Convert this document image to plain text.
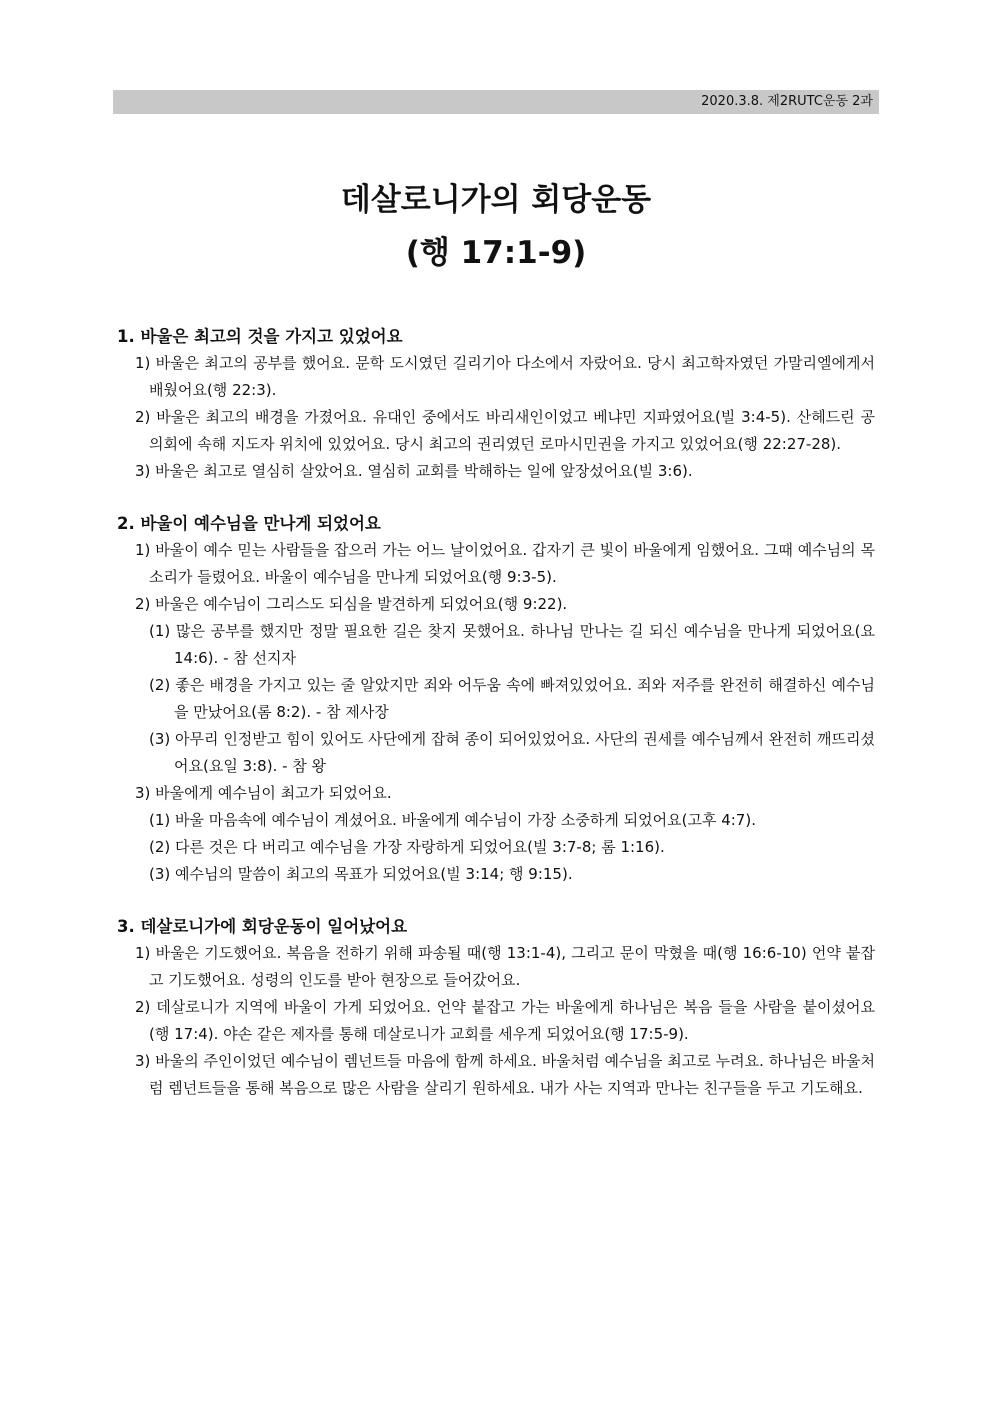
2020.3.8. 제2RUTC운동 2과
데살로니가의 회당운동
(행 17:1-9)
1. 바울은 최고의 것을 가지고 있었어요
1) 바울은 최고의 공부를 했어요. 문학 도시였던 길리기아 다소에서 자랐어요. 당시 최고학자였던 가말리엘에게서 배웠어요(행 22:3).
2) 바울은 최고의 배경을 가졌어요. 유대인 중에서도 바리새인이었고 베냐민 지파였어요(빌 3:4-5). 산헤드린 공의회에 속해 지도자 위치에 있었어요. 당시 최고의 권리였던 로마시민권을 가지고 있었어요(행 22:27-28).
3) 바울은 최고로 열심히 살았어요. 열심히 교회를 박해하는 일에 앞장섰어요(빌 3:6).
2. 바울이 예수님을 만나게 되었어요
1) 바울이 예수 믿는 사람들을 잡으러 가는 어느 날이었어요. 갑자기 큰 빛이 바울에게 임했어요. 그때 예수님의 목소리가 들렸어요. 바울이 예수님을 만나게 되었어요(행 9:3-5).
2) 바울은 예수님이 그리스도 되심을 발견하게 되었어요(행 9:22).
(1) 많은 공부를 했지만 정말 필요한 길은 찾지 못했어요. 하나님 만나는 길 되신 예수님을 만나게 되었어요(요 14:6). - 참 선지자
(2) 좋은 배경을 가지고 있는 줄 알았지만 죄와 어두움 속에 빠져있었어요. 죄와 저주를 완전히 해결하신 예수님을 만났어요(롬 8:2). - 참 제사장
(3) 아무리 인정받고 힘이 있어도 사단에게 잡혀 종이 되어있었어요. 사단의 권세를 예수님께서 완전히 깨뜨리셨어요(요일 3:8). - 참 왕
3) 바울에게 예수님이 최고가 되었어요.
(1) 바울 마음속에 예수님이 계셨어요. 바울에게 예수님이 가장 소중하게 되었어요(고후 4:7).
(2) 다른 것은 다 버리고 예수님을 가장 자랑하게 되었어요(빌 3:7-8; 롬 1:16).
(3) 예수님의 말씀이 최고의 목표가 되었어요(빌 3:14; 행 9:15).
3. 데살로니가에 회당운동이 일어났어요
1) 바울은 기도했어요. 복음을 전하기 위해 파송될 때(행 13:1-4), 그리고 문이 막혔을 때(행 16:6-10) 언약 붙잡고 기도했어요. 성령의 인도를 받아 현장으로 들어갔어요.
2) 데살로니가 지역에 바울이 가게 되었어요. 언약 붙잡고 가는 바울에게 하나님은 복음 들을 사람을 붙이셨어요(행 17:4). 야손 같은 제자를 통해 데살로니가 교회를 세우게 되었어요(행 17:5-9).
3) 바울의 주인이었던 예수님이 렘넌트들 마음에 함께 하세요. 바울처럼 예수님을 최고로 누려요. 하나님은 바울처럼 렘넌트들을 통해 복음으로 많은 사람을 살리기 원하세요. 내가 사는 지역과 만나는 친구들을 두고 기도해요.
